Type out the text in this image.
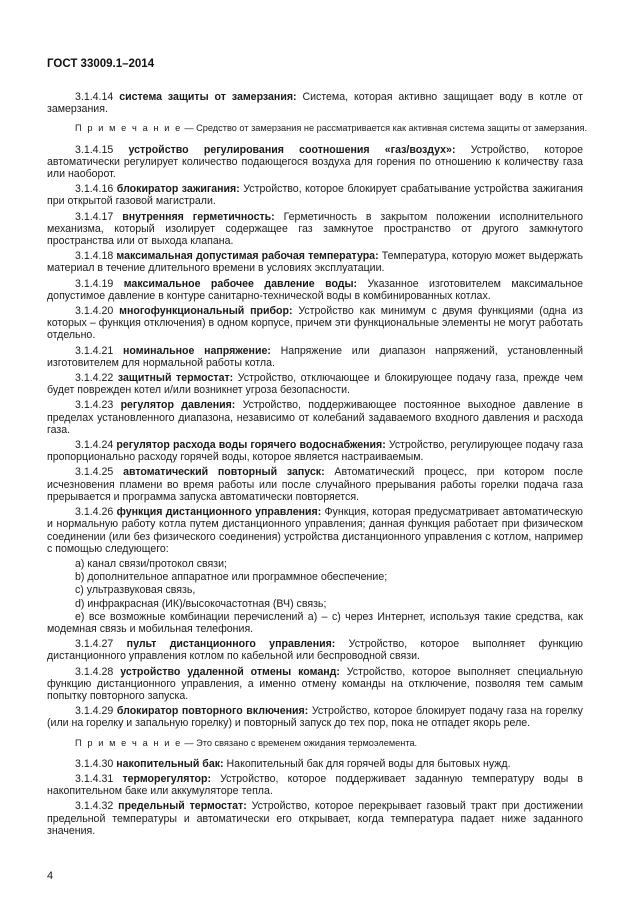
ГОСТ 33009.1–2014
3.1.4.14 система защиты от замерзания: Система, которая активно защищает воду в котле от замерзания.
П р и м е ч а н и е — Средство от замерзания не рассматривается как активная система защиты от замерзания.
3.1.4.15 устройство регулирования соотношения «газ/воздух»: Устройство, которое автоматически регулирует количество подающегося воздуха для горения по отношению к количеству газа или наоборот.
3.1.4.16 блокиратор зажигания: Устройство, которое блокирует срабатывание устройства зажигания при открытой газовой магистрали.
3.1.4.17 внутренняя герметичность: Герметичность в закрытом положении исполнительного механизма, который изолирует содержащее газ замкнутое пространство от другого замкнутого пространства или от выхода клапана.
3.1.4.18 максимальная допустимая рабочая температура: Температура, которую может выдержать материал в течение длительного времени в условиях эксплуатации.
3.1.4.19 максимальное рабочее давление воды: Указанное изготовителем максимальное допустимое давление в контуре санитарно-технической воды в комбинированных котлах.
3.1.4.20 многофункциональный прибор: Устройство как минимум с двумя функциями (одна из которых – функция отключения) в одном корпусе, причем эти функциональные элементы не могут работать отдельно.
3.1.4.21 номинальное напряжение: Напряжение или диапазон напряжений, установленный изготовителем для нормальной работы котла.
3.1.4.22 защитный термостат: Устройство, отключающее и блокирующее подачу газа, прежде чем будет поврежден котел и/или возникнет угроза безопасности.
3.1.4.23 регулятор давления: Устройство, поддерживающее постоянное выходное давление в пределах установленного диапазона, независимо от колебаний задаваемого входного давления и расхода газа.
3.1.4.24 регулятор расхода воды горячего водоснабжения: Устройство, регулирующее подачу газа пропорционально расходу горячей воды, которое является настраиваемым.
3.1.4.25 автоматический повторный запуск: Автоматический процесс, при котором после исчезновения пламени во время работы или после случайного прерывания работы горелки подача газа прерывается и программа запуска автоматически повторяется.
3.1.4.26 функция дистанционного управления: Функция, которая предусматривает автоматическую и нормальную работу котла путем дистанционного управления; данная функция работает при физическом соединении (или без физического соединения) устройства дистанционного управления с котлом, например с помощью следующего:
а) канал связи/протокол связи;
b) дополнительное аппаратное или программное обеспечение;
c) ультразвуковая связь,
d) инфракрасная (ИК)/высокочастотная (ВЧ) связь;
е) все возможные комбинации перечислений а) – с) через Интернет, используя такие средства, как модемная связь и мобильная телефония.
3.1.4.27 пульт дистанционного управления: Устройство, которое выполняет функцию дистанционного управления котлом по кабельной или беспроводной связи.
3.1.4.28 устройство удаленной отмены команд: Устройство, которое выполняет специальную функцию дистанционного управления, а именно отмену команды на отключение, позволяя тем самым попытку повторного запуска.
3.1.4.29 блокиратор повторного включения: Устройство, которое блокирует подачу газа на горелку (или на горелку и запальную горелку) и повторный запуск до тех пор, пока не отпадет якорь реле.
П р и м е ч а н и е — Это связано с временем ожидания термоэлемента.
3.1.4.30 накопительный бак: Накопительный бак для горячей воды для бытовых нужд.
3.1.4.31 терморегулятор: Устройство, которое поддерживает заданную температуру воды в накопительном баке или аккумуляторе тепла.
3.1.4.32 предельный термостат: Устройство, которое перекрывает газовый тракт при достижении предельной температуры и автоматически его открывает, когда температура падает ниже заданного значения.
4
